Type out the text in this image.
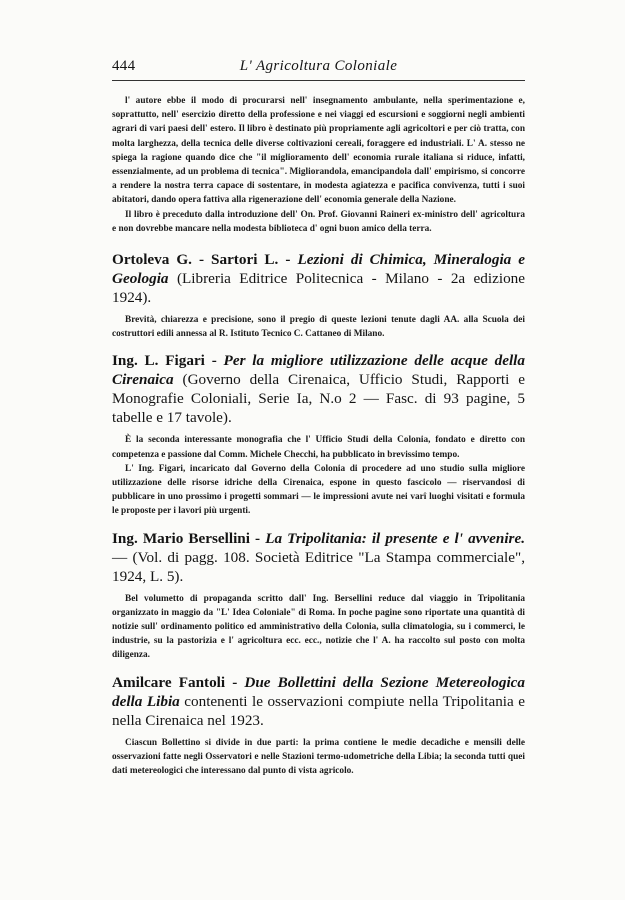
444	L' Agricoltura Coloniale

l' autore ebbe il modo di procurarsi nell' insegnamento ambulante, nella sperimentazione e, soprattutto, nell' esercizio diretto della professione e nei viaggi ed escursioni e soggiorni negli ambienti agrari di vari paesi dell' estero. Il libro è destinato più propriamente agli agricoltori e per ciò tratta, con molta larghezza, della tecnica delle diverse coltivazioni cereali, foraggere ed industriali. L' A. stesso ne spiega la ragione quando dice che "il miglioramento dell' economia rurale italiana si riduce, infatti, essenzialmente, ad un problema di tecnica". Migliorandola, emancipandola dall' empirismo, si concorre a rendere la nostra terra capace di sostentare, in modesta agiatezza e pacifica convivenza, tutti i suoi abitatori, dando opera fattiva alla rigenerazione dell' economia generale della Nazione.

Il libro è preceduto dalla introduzione dell' On. Prof. Giovanni Raineri ex-ministro dell' agricoltura e non dovrebbe mancare nella modesta biblioteca d' ogni buon amico della terra.

Ortoleva G. - Sartori L. - Lezioni di Chimica, Mineralogia e Geologia (Libreria Editrice Politecnica - Milano - 2a edizione 1924).

Brevità, chiarezza e precisione, sono il pregio di queste lezioni tenute dagli AA. alla Scuola dei costruttori edili annessa al R. Istituto Tecnico C. Cattaneo di Milano.

Ing. L. Figari - Per la migliore utilizzazione delle acque della Cirenaica (Governo della Cirenaica, Ufficio Studi, Rapporti e Monografie Coloniali, Serie Ia, N.o 2 — Fasc. di 93 pagine, 5 tabelle e 17 tavole).

È la seconda interessante monografia che l' Ufficio Studi della Colonia, fondato e diretto con competenza e passione dal Comm. Michele Checchi, ha pubblicato in brevissimo tempo.

L' Ing. Figari, incaricato dal Governo della Colonia di procedere ad uno studio sulla migliore utilizzazione delle risorse idriche della Cirenaica, espone in questo fascicolo — riservandosi di pubblicare in uno prossimo i progetti sommari — le impressioni avute nei varî luoghi visitati e formula le proposte per i lavori più urgenti.

Ing. Mario Bersellini - La Tripolitania: il presente e l' avvenire. — (Vol. di pagg. 108. Società Editrice "La Stampa commerciale", 1924, L. 5).

Bel volumetto di propaganda scritto dall' Ing. Bersellini reduce dal viaggio in Tripolitania organizzato in maggio da "L' Idea Coloniale" di Roma. In poche pagine sono riportate una quantità di notizie sull' ordinamento politico ed amministrativo della Colonia, sulla climatologia, su i commerci, le industrie, su la pastorizia e l' agricoltura ecc. ecc., notizie che l' A. ha raccolto sul posto con molta diligenza.

Amilcare Fantoli - Due Bollettini della Sezione Metereologica della Libia contenenti le osservazioni compiute nella Tripolitania e nella Cirenaica nel 1923.

Ciascun Bollettino si divide in due parti: la prima contiene le medie decadiche e mensili delle osservazioni fatte negli Osservatori e nelle Stazioni termo-udometriche della Libia; la seconda tutti quei dati metereologici che interessano dal punto di vista agricolo.
